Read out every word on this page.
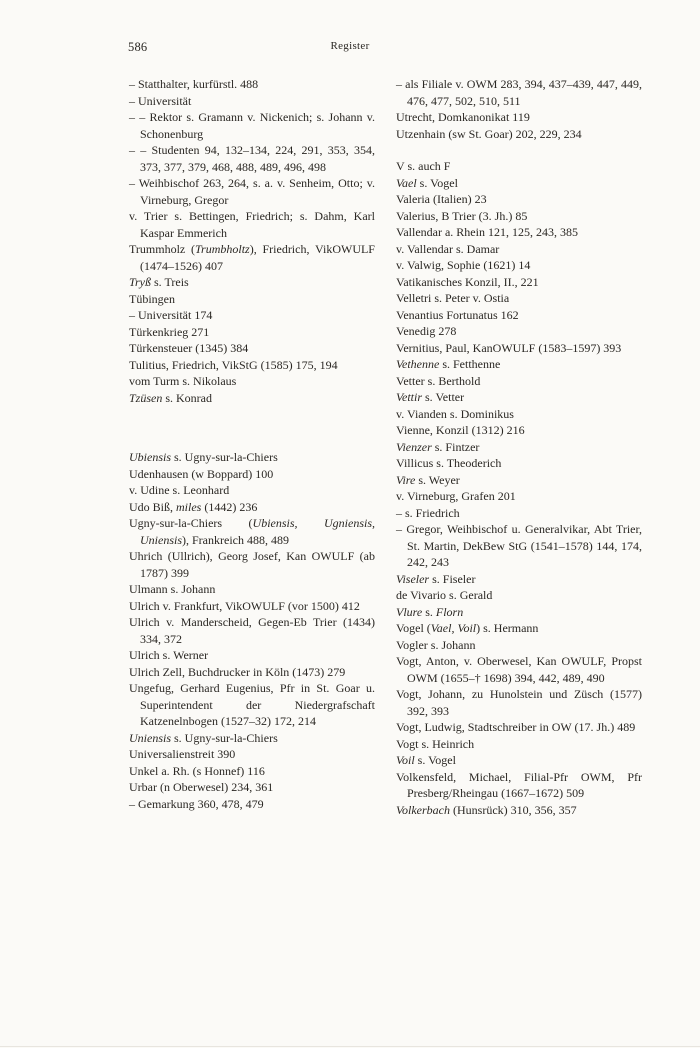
586	Register
– Statthalter, kurfürstl. 488
– Universität
– – Rektor s. Gramann v. Nickenich; s. Johann v. Schonenburg
– – Studenten 94, 132–134, 224, 291, 353, 354, 373, 377, 379, 468, 488, 489, 496, 498
– Weihbischof 263, 264, s. a. v. Senheim, Otto; v. Virneburg, Gregor
v. Trier s. Bettingen, Friedrich; s. Dahm, Karl Kaspar Emmerich
Trummholz (Trumbholtz), Friedrich, VikOWULF (1474–1526) 407
Tryß s. Treis
Tübingen
– Universität 174
Türkenkrieg 271
Türkensteuer (1345) 384
Tulitius, Friedrich, VikStG (1585) 175, 194
vom Turm s. Nikolaus
Tzüsen s. Konrad
Ubiensis s. Ugny-sur-la-Chiers
Udenhausen (w Boppard) 100
v. Udine s. Leonhard
Udo Biß, miles (1442) 236
Ugny-sur-la-Chiers (Ubiensis, Ugniensis, Uniensis), Frankreich 488, 489
Uhrich (Ullrich), Georg Josef, Kan OWULF (ab 1787) 399
Ulmann s. Johann
Ulrich v. Frankfurt, VikOWULF (vor 1500) 412
Ulrich v. Manderscheid, Gegen-Eb Trier (1434) 334, 372
Ulrich s. Werner
Ulrich Zell, Buchdrucker in Köln (1473) 279
Ungefug, Gerhard Eugenius, Pfr in St. Goar u. Superintendent der Niedergrafschaft Katzenelnbogen (1527–32) 172, 214
Uniensis s. Ugny-sur-la-Chiers
Universalienstreit 390
Unkel a. Rh. (s Honnef) 116
Urbar (n Oberwesel) 234, 361
– Gemarkung 360, 478, 479
– als Filiale v. OWM 283, 394, 437–439, 447, 449, 476, 477, 502, 510, 511
Utrecht, Domkanonikat 119
Utzenhain (sw St. Goar) 202, 229, 234
V s. auch F
Vael s. Vogel
Valeria (Italien) 23
Valerius, B Trier (3. Jh.) 85
Vallendar a. Rhein 121, 125, 243, 385
v. Vallendar s. Damar
v. Valwig, Sophie (1621) 14
Vatikanisches Konzil, II., 221
Velletri s. Peter v. Ostia
Venantius Fortunatus 162
Venedig 278
Vernitius, Paul, KanOWULF (1583–1597) 393
Vethenne s. Fetthenne
Vetter s. Berthold
Vettir s. Vetter
v. Vianden s. Dominikus
Vienne, Konzil (1312) 216
Vienzer s. Fintzer
Villicus s. Theoderich
Vire s. Weyer
v. Virneburg, Grafen 201
– s. Friedrich
– Gregor, Weihbischof u. Generalvikar, Abt Trier, St. Martin, DekBew StG (1541–1578) 144, 174, 242, 243
Viseler s. Fiseler
de Vivario s. Gerald
Vlure s. Florn
Vogel (Vael, Voil) s. Hermann
Vogler s. Johann
Vogt, Anton, v. Oberwesel, Kan OWULF, Propst OWM (1655–† 1698) 394, 442, 489, 490
Vogt, Johann, zu Hunolstein und Züsch (1577) 392, 393
Vogt, Ludwig, Stadtschreiber in OW (17. Jh.) 489
Vogt s. Heinrich
Voil s. Vogel
Volkensfeld, Michael, Filial-Pfr OWM, Pfr Presberg/Rheingau (1667–1672) 509
Volkerbach (Hunsrück) 310, 356, 357
